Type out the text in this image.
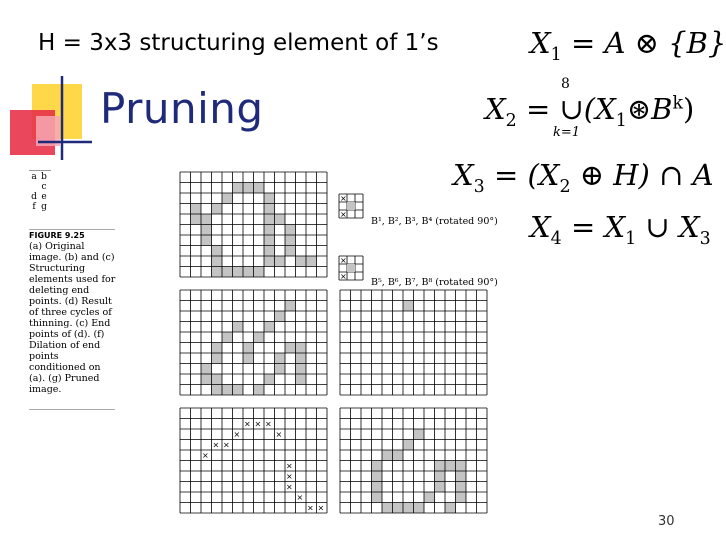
H = 3x3 structuring element of 1’s
Pruning
$X_1 = A$ ⊗ {B}
8
$X_2$ = $\cup(X_1⊛B^k)$
k=1
$X_3 = (X_2$ ⊕ H) ∩ A
$X_4 = X_1$ ∪ $X_3$
a b
c
d e
f g
FIGURE 9.25
(a) Original image. (b) and (c) Structuring elements used for deleting end points. (d) Result of three cycles of thinning. (c) End points of (d). (f) Dilation of end points conditioned on (a). (g) Pruned image.
× × ×
×
×
×
×
×
×
×
×
×
× ×
×
×
×
×
B¹, B², B³, B⁴ (rotated 90°)
B⁵, B⁶, B⁷, B⁸ (rotated 90°)
30
